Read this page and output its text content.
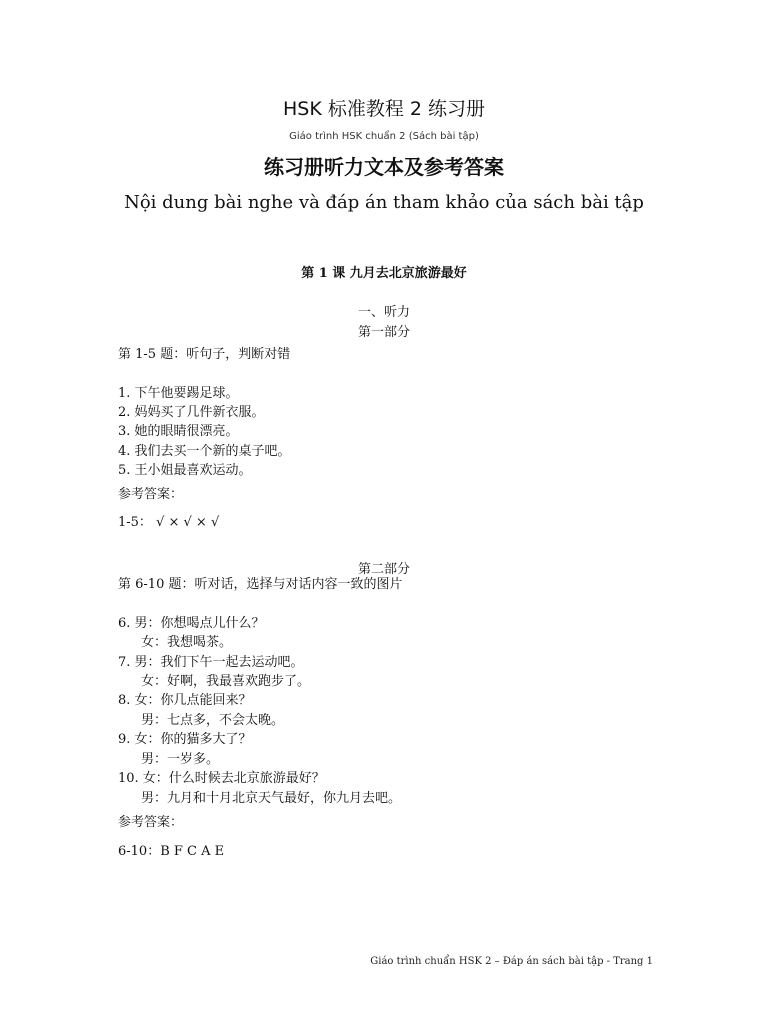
HSK 标准教程 2 练习册
Giáo trình HSK chuẩn 2 (Sách bài tập)
练习册听力文本及参考答案
Nội dung bài nghe và đáp án tham khảo của sách bài tập
第 1 课 九月去北京旅游最好
一、听力
第一部分
第 1-5 题：听句子，判断对错
1. 下午他要踢足球。
2. 妈妈买了几件新衣服。
3. 她的眼睛很漂亮。
4. 我们去买一个新的桌子吧。
5. 王小姐最喜欢运动。
参考答案：
1-5： √ × √ × √
第二部分
第 6-10 题：听对话，选择与对话内容一致的图片
6. 男：你想喝点儿什么？
女：我想喝茶。
7. 男：我们下午一起去运动吧。
女：好啊，我最喜欢跑步了。
8. 女：你几点能回来？
男：七点多，不会太晚。
9. 女：你的猫多大了？
男：一岁多。
10. 女：什么时候去北京旅游最好？
男：九月和十月北京天气最好，你九月去吧。
参考答案：
6-10：B F C A E
Giáo trình chuẩn HSK 2 – Đáp án sách bài tập - Trang 1
